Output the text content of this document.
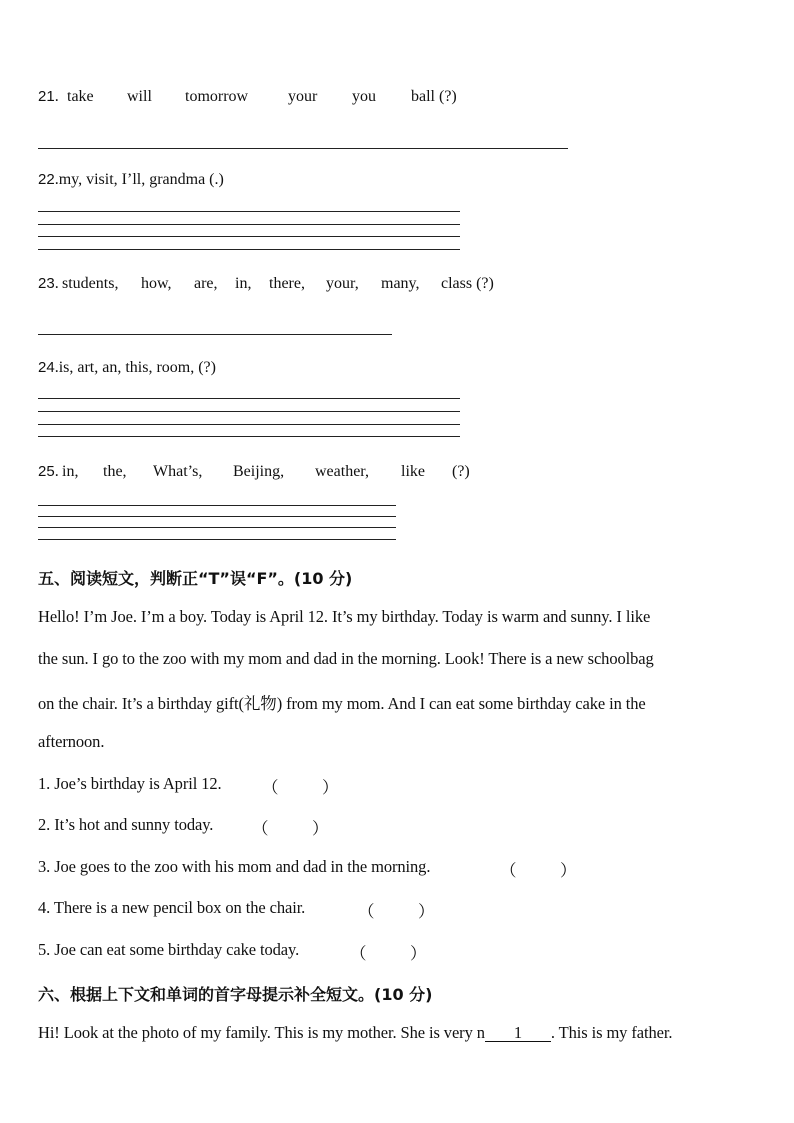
21. take will tomorrow your you ball (?)
22.my, visit, I’ll, grandma (.)
23. students, how, are, in, there, your, many, class (?)
24.is, art, an, this, room, (?)
25. in, the, What’s, Beijing, weather, like (?)
五、阅读短文，判断正“T”误“F”。(10 分)
Hello! I’m Joe. I’m a boy. Today is April 12. It’s my birthday. Today is warm and sunny. I like
the sun. I go to the zoo with my mom and dad in the morning. Look! There is a new schoolbag
on the chair. It’s a birthday gift(礼物) from my mom. And I can eat some birthday cake in the
afternoon.
1. Joe’s birthday is April 12. （	）
2. It’s hot and sunny today. （	）
3. Joe goes to the zoo with his mom and dad in the morning.	（	）
4. There is a new pencil box on the chair.	（	）
5. Joe can eat some birthday cake today.	（	）
六、根据上下文和单词的首字母提示补全短文。(10 分)
Hi! Look at the photo of my family. This is my mother. She is very n 1 . This is my father.
